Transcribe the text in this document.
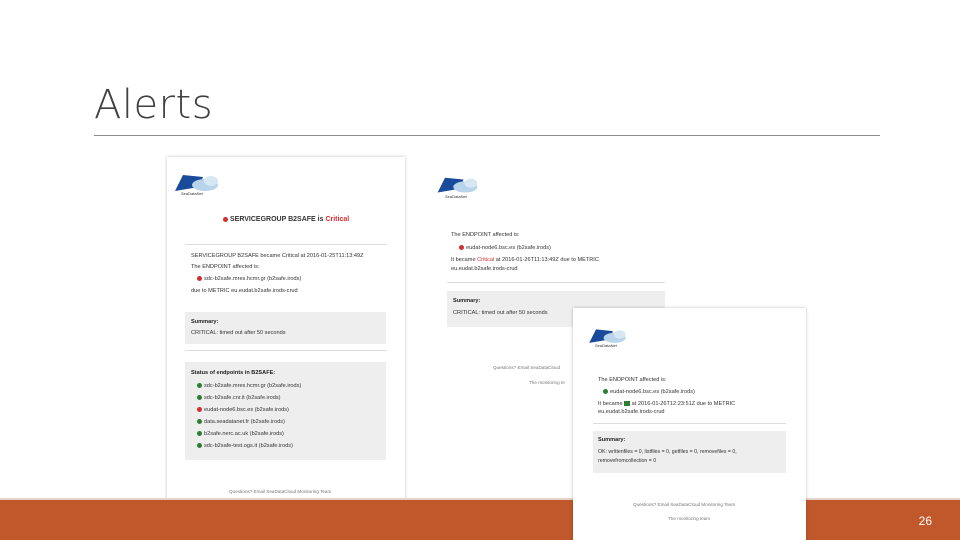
Alerts
SeaDataNet
SERVICEGROUP B2SAFE is Critical
SERVICEGROUP B2SAFE became Critical at 2016-01-25T11:13:49Z
The ENDPOINT affected is:
sdc-b2safe.mres.hcmr.gr (b2safe.irods)
due to METRIC eu.eudat.b2safe.irods-crud
Summary:
CRITICAL: timed out after 50 seconds
Status of endpoints in B2SAFE:
sdc-b2safe.mres.hcmr.gr (b2safe.irods)
sdc-b2safe.cnr.it (b2safe.irods)
eudat-node6.bsc.es (b2safe.irods)
data.seadatanet.fr (b2safe.irods)
b2safe.nerc.ac.uk (b2safe.irods)
sdc-b2safe-test.ogs.it (b2safe.irods)
Questions? Email SeaDataCloud Monitoring Team
SeaDataNet
The ENDPOINT affected is:
eudat-node6.bsc.es (b2safe.irods)
It became Critical at 2016-01-26T11:13:49Z due to METRIC
eu.eudat.b2safe.irods-crud
Summary:
CRITICAL: timed out after 50 seconds
Questions? Email SeaDataCloud
The monitoring te
26
SeaDataNet
The ENDPOINT affected is:
eudat-node6.bsc.es (b2safe.irods)
It became  at 2016-01-26T12:23:51Z due to METRIC
eu.eudat.b2safe.irods-crud
Summary:
OK: writtenfiles = 0, listfiles = 0, getfiles = 0, removefiles = 0,
removefromcollection = 0
Questions? Email SeaDataCloud Monitoring Team
The monitoring team
